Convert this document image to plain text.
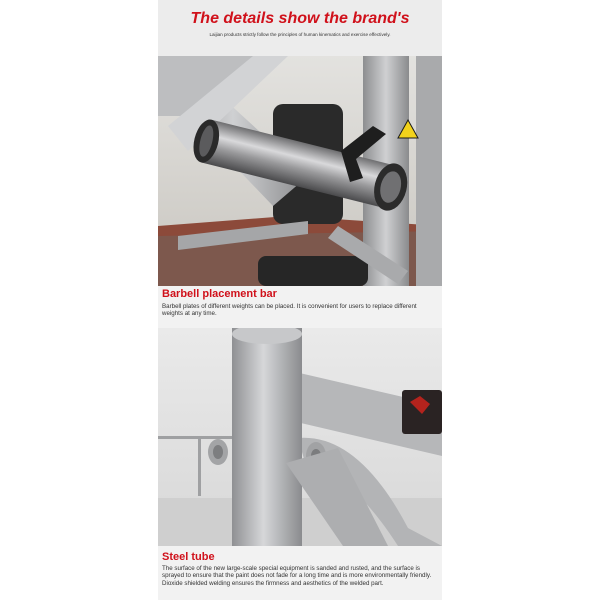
The details show the brand's
Laijian products strictly follow the principles of human kinematics and exercise effectively.
Barbell placement bar
Barbell plates of different weights can be placed. It is convenient for users to replace different weights at any time.
Steel tube
The surface of the new large-scale special equipment is sanded and rusted, and the surface is sprayed to ensure that the paint does not fade for a long time and is more environmentally friendly. Dioxide shielded welding ensures the firmness and aesthetics of the welded part.
